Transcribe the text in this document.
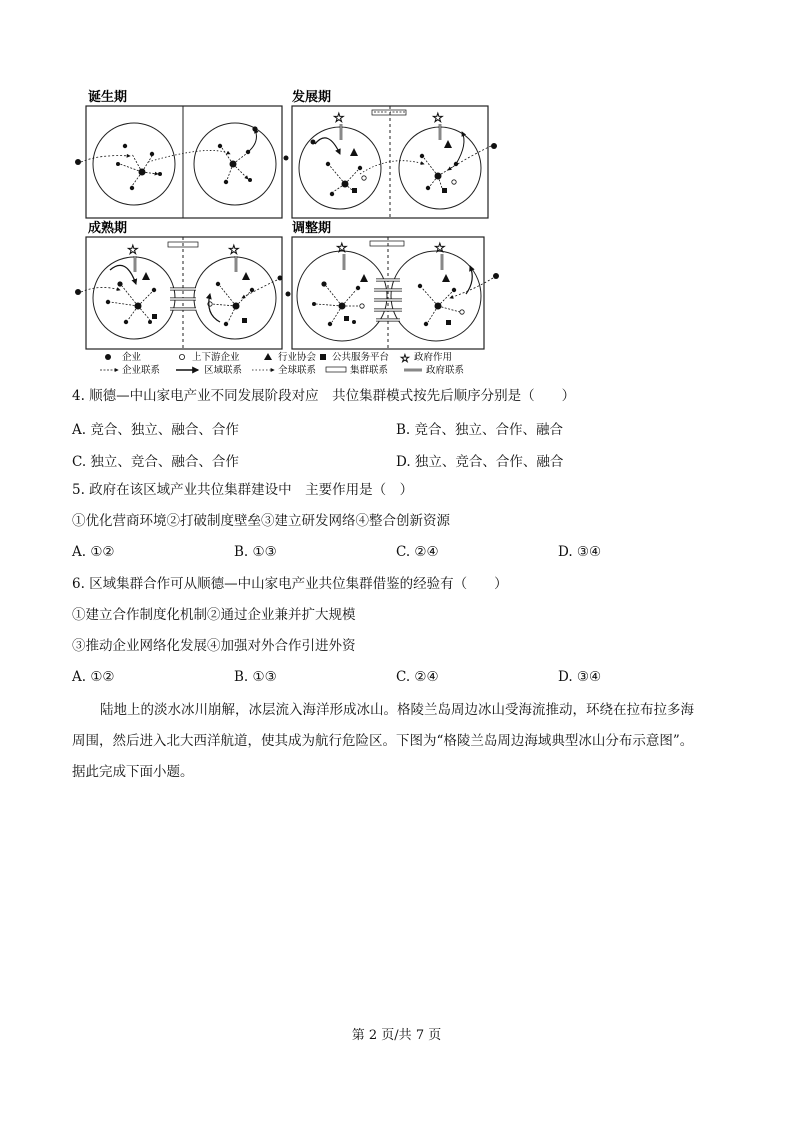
诞生期	发展期
成熟期	调整期
☆	☆
☆	☆	☆	☆
企业	上下游企业	行业协会 公共服务平台 ☆ 政府作用
企业联系	区域联系	全球联系	集群联系	政府联系
4. 顺德—中山家电产业不同发展阶段对应　共位集群模式按先后顺序分别是（　　）
A. 竞合、独立、融合、合作	B. 竞合、独立、合作、融合
C. 独立、竞合、融合、合作	D. 独立、竞合、合作、融合
5. 政府在该区域产业共位集群建设中　主要作用是（　）
①优化营商环境②打破制度壁垒③建立研发网络④整合创新资源
A. ①②	B. ①③	C. ②④	D. ③④
6. 区域集群合作可从顺德—中山家电产业共位集群借鉴的经验有（　　）
①建立合作制度化机制②通过企业兼并扩大规模
③推动企业网络化发展④加强对外合作引进外资
A. ①②	B. ①③	C. ②④	D. ③④
陆地上的淡水冰川崩解，冰层流入海洋形成冰山。格陵兰岛周边冰山受海流推动，环绕在拉布拉多海
周围，然后进入北大西洋航道，使其成为航行危险区。下图为“格陵兰岛周边海域典型冰山分布示意图”。
据此完成下面小题。
第 2 页/共 7 页
